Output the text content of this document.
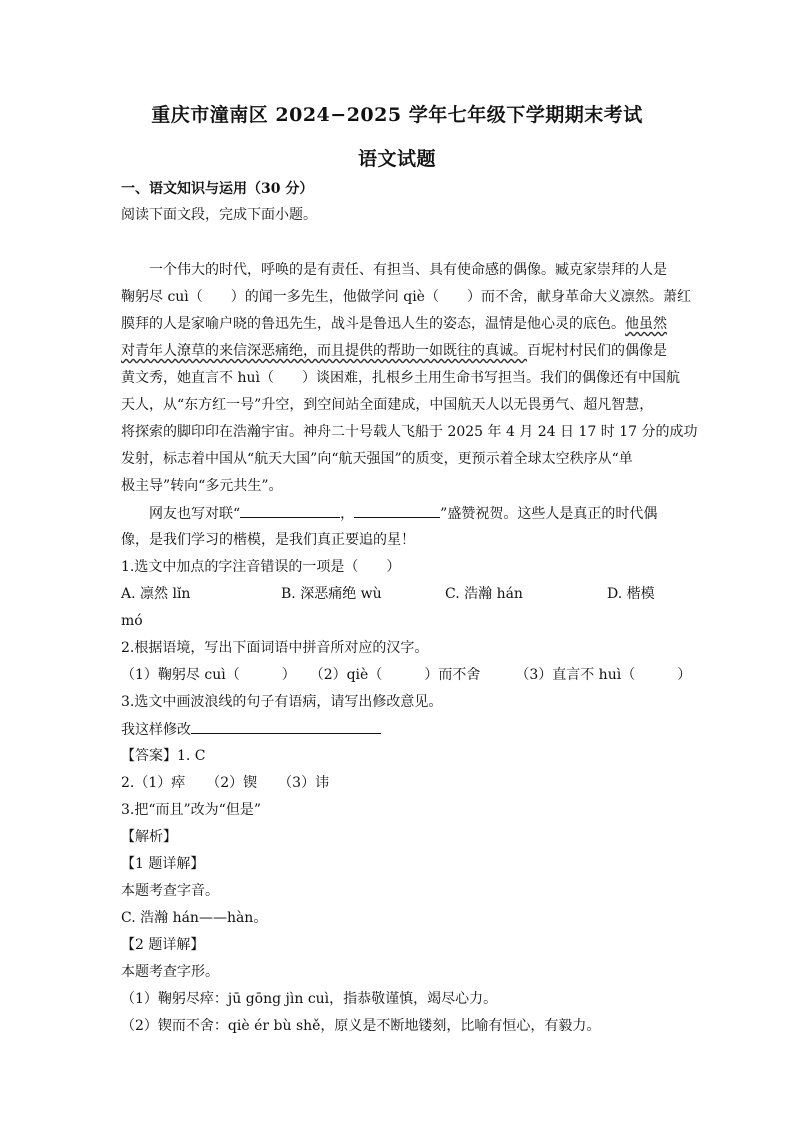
重庆市潼南区 2024−2025 学年七年级下学期期末考试
语文试题
一、语文知识与运用（30 分）
阅读下面文段，完成下面小题。
一个伟大的时代，呼唤的是有责任、有担当、具有使命感的偶像。臧克家崇拜的人是
鞠躬尽 cuì（　　）的闻一多先生，他做学问 qiè（　　）而不舍，献身革命大义凛然。萧红
膜拜的人是家喻户晓的鲁迅先生，战斗是鲁迅人生的姿态，温情是他心灵的底色。他虽然
对青年人潦草的来信深恶痛绝，而且提供的帮助一如既往的真诚。百坭村村民们的偶像是
黄文秀，她直言不 huì（　　）谈困难，扎根乡土用生命书写担当。我们的偶像还有中国航
天人，从“东方红一号”升空，到空间站全面建成，中国航天人以无畏勇气、超凡智慧，
将探索的脚印印在浩瀚宇宙。神舟二十号载人飞船于 2025 年 4 月 24 日 17 时 17 分的成功
发射，标志着中国从“航天大国”向“航天强国”的质变，更预示着全球太空秩序从“单
极主导”转向“多元共生”。
网友也写对联“	，	”盛赞祝贺。这些人是真正的时代偶
像，是我们学习的楷模，是我们真正要追的星！
1.选文中加点的字注音错误的一项是（　　）
A. 凛然 lǐn	B. 深恶痛绝 wù	C. 浩瀚 hán	D. 楷模
mó
2.根据语境，写出下面词语中拼音所对应的汉字。
（1）鞠躬尽 cuì（　　　）　　（2）qiè（　　　）而不舍　　　（3）直言不 huì（　　　）
3.选文中画波浪线的句子有语病，请写出修改意见。
我这样修改
【答案】1. C
2.（1）瘁　　（2）锲　　（3）讳
3.把“而且”改为“但是”
【解析】
【1 题详解】
本题考查字音。
C. 浩瀚 hán——hàn。
【2 题详解】
本题考查字形。
（1）鞠躬尽瘁：jū gōng jìn cuì，指恭敬谨慎，竭尽心力。
（2）锲而不舍：qiè ér bù shě，原义是不断地镂刻，比喻有恒心，有毅力。
